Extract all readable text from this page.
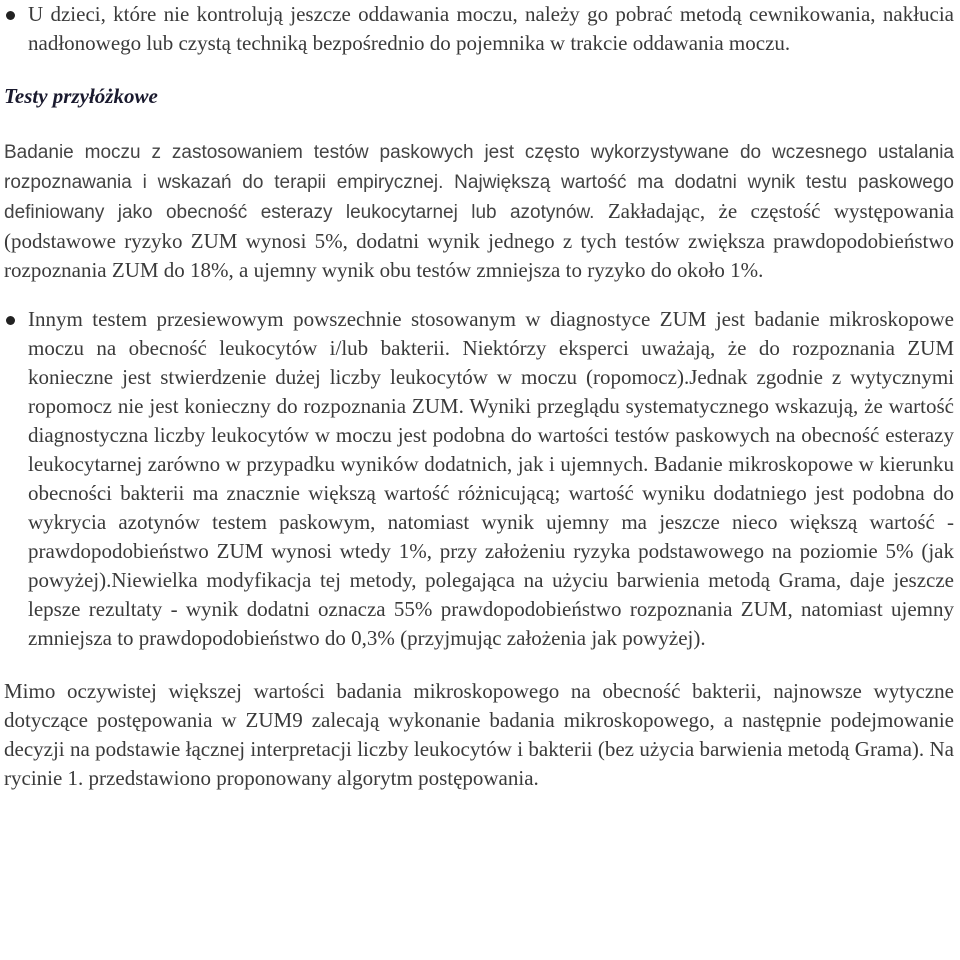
U dzieci, które nie kontrolują jeszcze oddawania moczu, należy go pobrać metodą cewnikowania, nakłucia nadłonowego lub czystą techniką bezpośrednio do pojemnika w trakcie oddawania moczu.

Testy przyłóżkowe

Badanie moczu z zastosowaniem testów paskowych jest często wykorzystywane do wczesnego ustalania rozpoznawania i wskazań do terapii empirycznej. Największą wartość ma dodatni wynik testu paskowego definiowany jako obecność esterazy leukocytarnej lub azotynów. Zakładając, że częstość występowania (podstawowe ryzyko ZUM wynosi 5%, dodatni wynik jednego z tych testów zwiększa prawdopodobieństwo rozpoznania ZUM do 18%, a ujemny wynik obu testów zmniejsza to ryzyko do około 1%.

Innym testem przesiewowym powszechnie stosowanym w diagnostyce ZUM jest badanie mikroskopowe moczu na obecność leukocytów i/lub bakterii. Niektórzy eksperci uważają, że do rozpoznania ZUM konieczne jest stwierdzenie dużej liczby leukocytów w moczu (ropomocz).Jednak zgodnie z wytycznymi ropomocz nie jest konieczny do rozpoznania ZUM. Wyniki przeglądu systematycznego wskazują, że wartość diagnostyczna liczby leukocytów w moczu jest podobna do wartości testów paskowych na obecność esterazy leukocytarnej zarówno w przypadku wyników dodatnich, jak i ujemnych. Badanie mikroskopowe w kierunku obecności bakterii ma znacznie większą wartość różnicującą; wartość wyniku dodatniego jest podobna do wykrycia azotynów testem paskowym, natomiast wynik ujemny ma jeszcze nieco większą wartość - prawdopodobieństwo ZUM wynosi wtedy 1%, przy założeniu ryzyka podstawowego na poziomie 5% (jak powyżej).Niewielka modyfikacja tej metody, polegająca na użyciu barwienia metodą Grama, daje jeszcze lepsze rezultaty - wynik dodatni oznacza 55% prawdopodobieństwo rozpoznania ZUM, natomiast ujemny zmniejsza to prawdopodobieństwo do 0,3% (przyjmując założenia jak powyżej).

Mimo oczywistej większej wartości badania mikroskopowego na obecność bakterii, najnowsze wytyczne dotyczące postępowania w ZUM9 zalecają wykonanie badania mikroskopowego, a następnie podejmowanie decyzji na podstawie łącznej interpretacji liczby leukocytów i bakterii (bez użycia barwienia metodą Grama). Na rycinie 1. przedstawiono proponowany algorytm postępowania.
